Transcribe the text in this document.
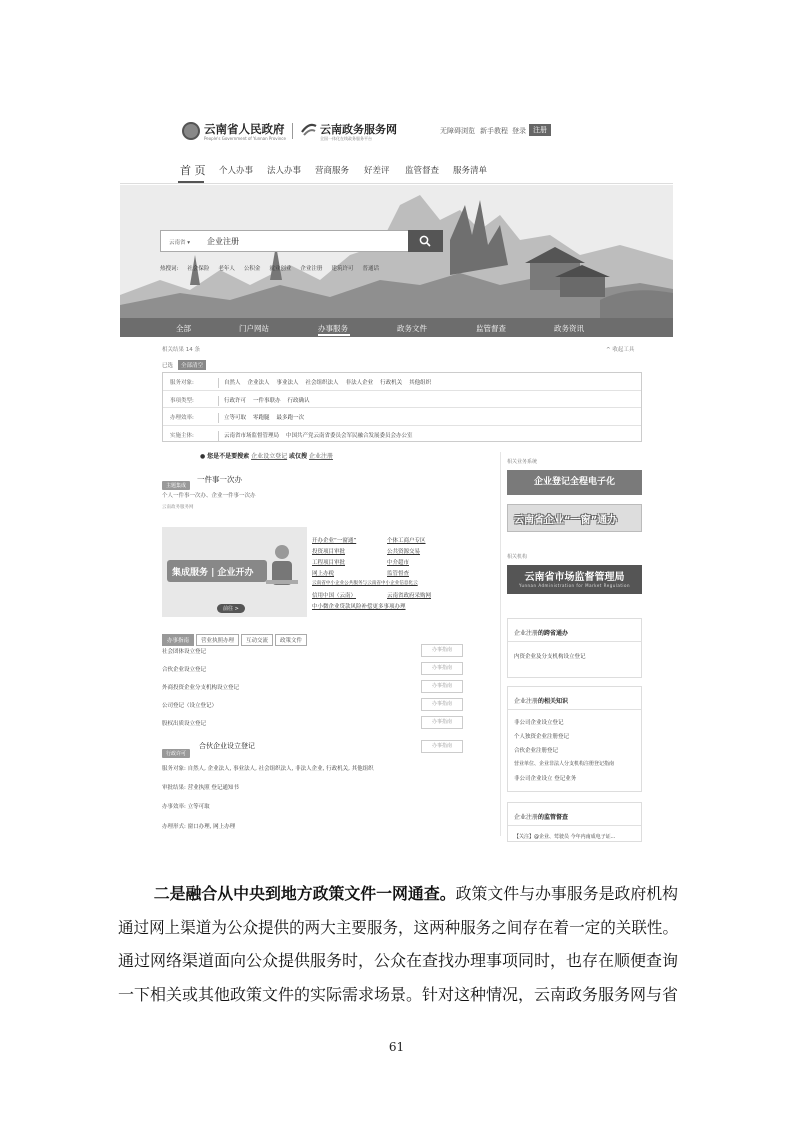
云南省人民政府
People's Government of Yunnan Province
云南政务服务网
全国一体化在线政务服务平台
无障碍浏览 新手教程 登录	注册
首 页 个人办事 法人办事 营商服务 好差评 监管督查 服务清单
云南省 ▾ 企业注册
热搜词: 社会保险 老年人 公积金 就业创业 企业注册 建筑许可 普通话
全部	门户网站	办事服务	政务文件	监管督查	政务资讯
相关结果 14 条	^ 收起工具
已选	全部清空
服务对象:	自然人 企业法人 事业法人 社会组织法人 非法人企业 行政机关 其他组织
事项类型:	行政许可 一件事联办 行政确认
办理效率:	立等可取 零跑腿 最多跑一次
实施主体:	云南省市场监督管理局 中国共产党云南省委员会军民融合发展委员会办公室
● 您是不是要搜索 企业设立登记 或仅搜 企业注册
主题集成
一件事一次办
个人一件事一次办、企业一件事一次办
云南政务服务网
集成服务 | 企业开办
前往 >
开办企业“一窗通”	个体工商户专区
投资项目审批	公共资源交易
工程项目审批	中介超市
网上办税	监管督查
云南省中小企业公共服务与云南省中小企业信息化云
信用中国（云南）	云南省政府采购网
中小微企业贷款风险补偿更多事项办理
办事指南 营业执照办理 互动交流 政策文件
社会团体设立登记	办事指南
合伙企业设立登记	办事指南
外商投资企业分支机构设立登记	办事指南
公司登记（设立登记）	办事指南
股权出质设立登记	办事指南
行政许可
合伙企业设立登记	办事指南
服务对象: 自然人, 企业法人, 事业法人, 社会组织法人, 非法人企业, 行政机关, 其他组织
审批结果: 营业执照 登记通知书
办事效率: 立等可取
办理形式: 窗口办理, 网上办理
相关业务系统
企业登记全程电子化
云南省企业“一窗”通办
相关机构
云南省市场监督管理局
Yunnan Administration for Market Regulation
企业注册的跨省通办
内资企业及分支机构设立登记
企业注册的相关知识
非公司企业设立登记
个人独资企业注册登记
合伙企业注册登记
营业单位、企业非法人分支机构注册登记指南
非公司企业设立 登记业务
企业注册的监管督查
【关注】@企业、莺驶员 今年内南成电子证...
二是融合从中央到地方政策文件一网通查。政策文件与办事服务是政府机构
通过网上渠道为公众提供的两大主要服务，这两种服务之间存在着一定的关联性。
通过网络渠道面向公众提供服务时，公众在查找办理事项同时，也存在顺便查询
一下相关或其他政策文件的实际需求场景。针对这种情况，云南政务服务网与省
61
